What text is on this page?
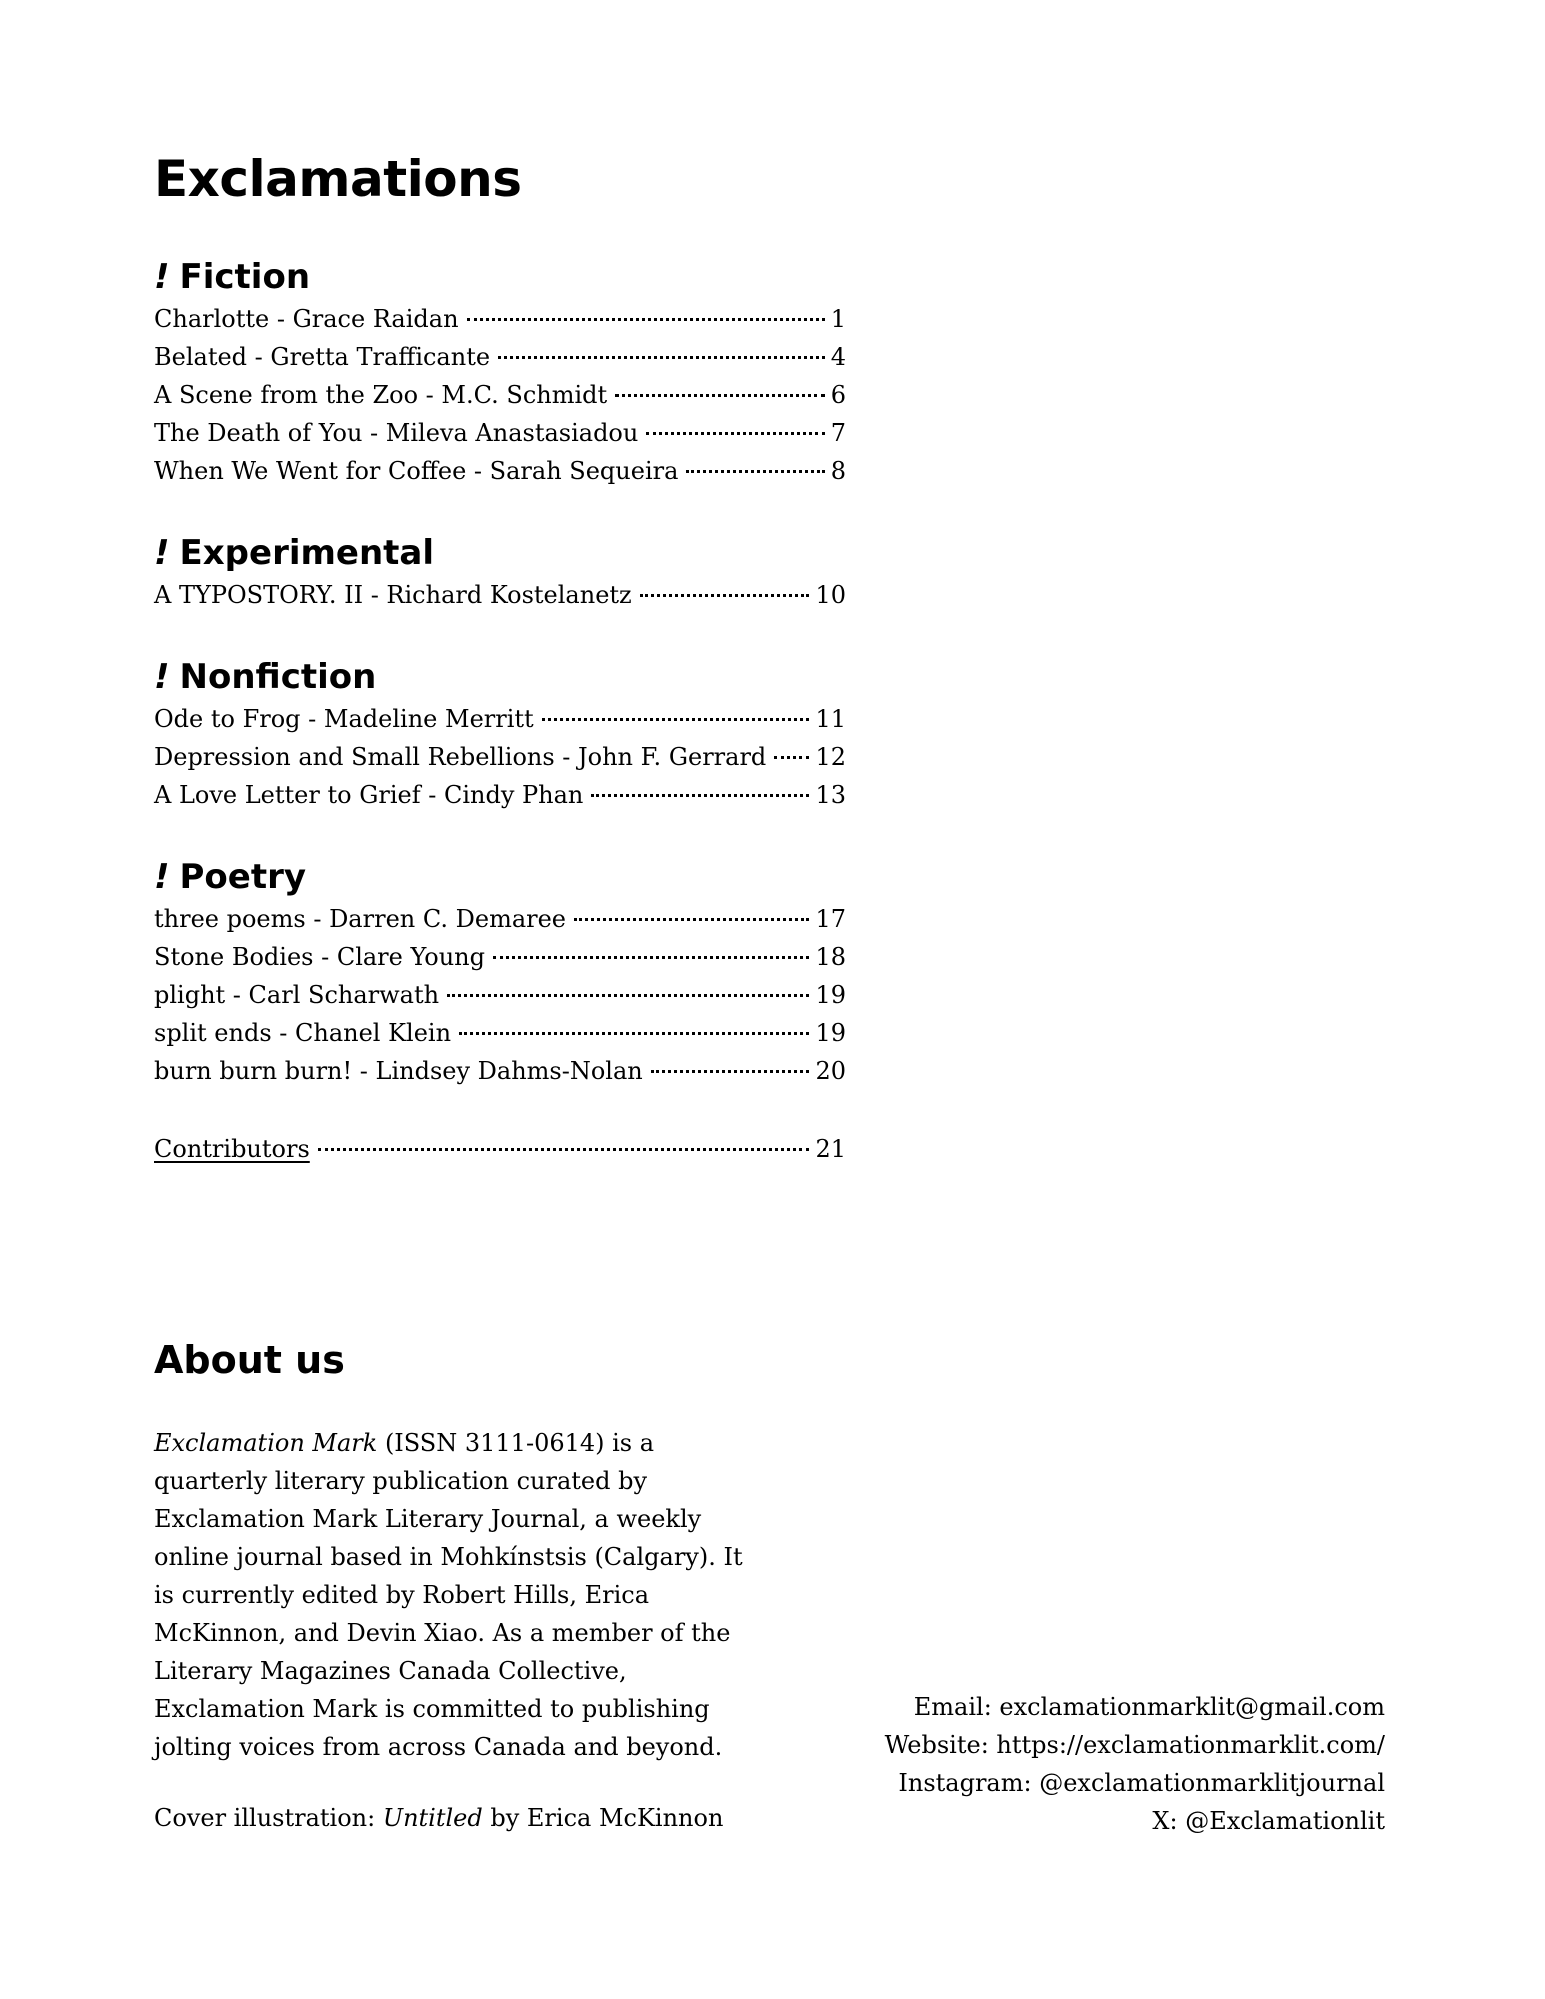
Exclamations
! Fiction
Charlotte - Grace Raidan	1
Belated - Gretta Trafficante	4
A Scene from the Zoo - M.C. Schmidt	6
The Death of You - Mileva Anastasiadou	7
When We Went for Coffee - Sarah Sequeira	8
! Experimental
A TYPOSTORY. II - Richard Kostelanetz	10
! Nonfiction
Ode to Frog - Madeline Merritt	11
Depression and Small Rebellions - John F. Gerrard 12
A Love Letter to Grief - Cindy Phan	13
! Poetry
three poems - Darren C. Demaree	17
Stone Bodies - Clare Young	18
plight - Carl Scharwath	19
split ends - Chanel Klein	19
burn burn burn! - Lindsey Dahms-Nolan	20
Contributors	21
About us

Exclamation Mark (ISSN 3111-0614) is a quarterly literary publication curated by Exclamation Mark Literary Journal, a weekly online journal based in Mohkínstsis (Calgary). It is currently edited by Robert Hills, Erica McKinnon, and Devin Xiao. As a member of the Literary Magazines Canada Collective, Exclamation Mark is committed to publishing jolting voices from across Canada and beyond.

Cover illustration: Untitled by Erica McKinnon

Email: exclamationmarklit@gmail.com
Website: https://exclamationmarklit.com/
Instagram: @exclamationmarklitjournal
X: @Exclamationlit
